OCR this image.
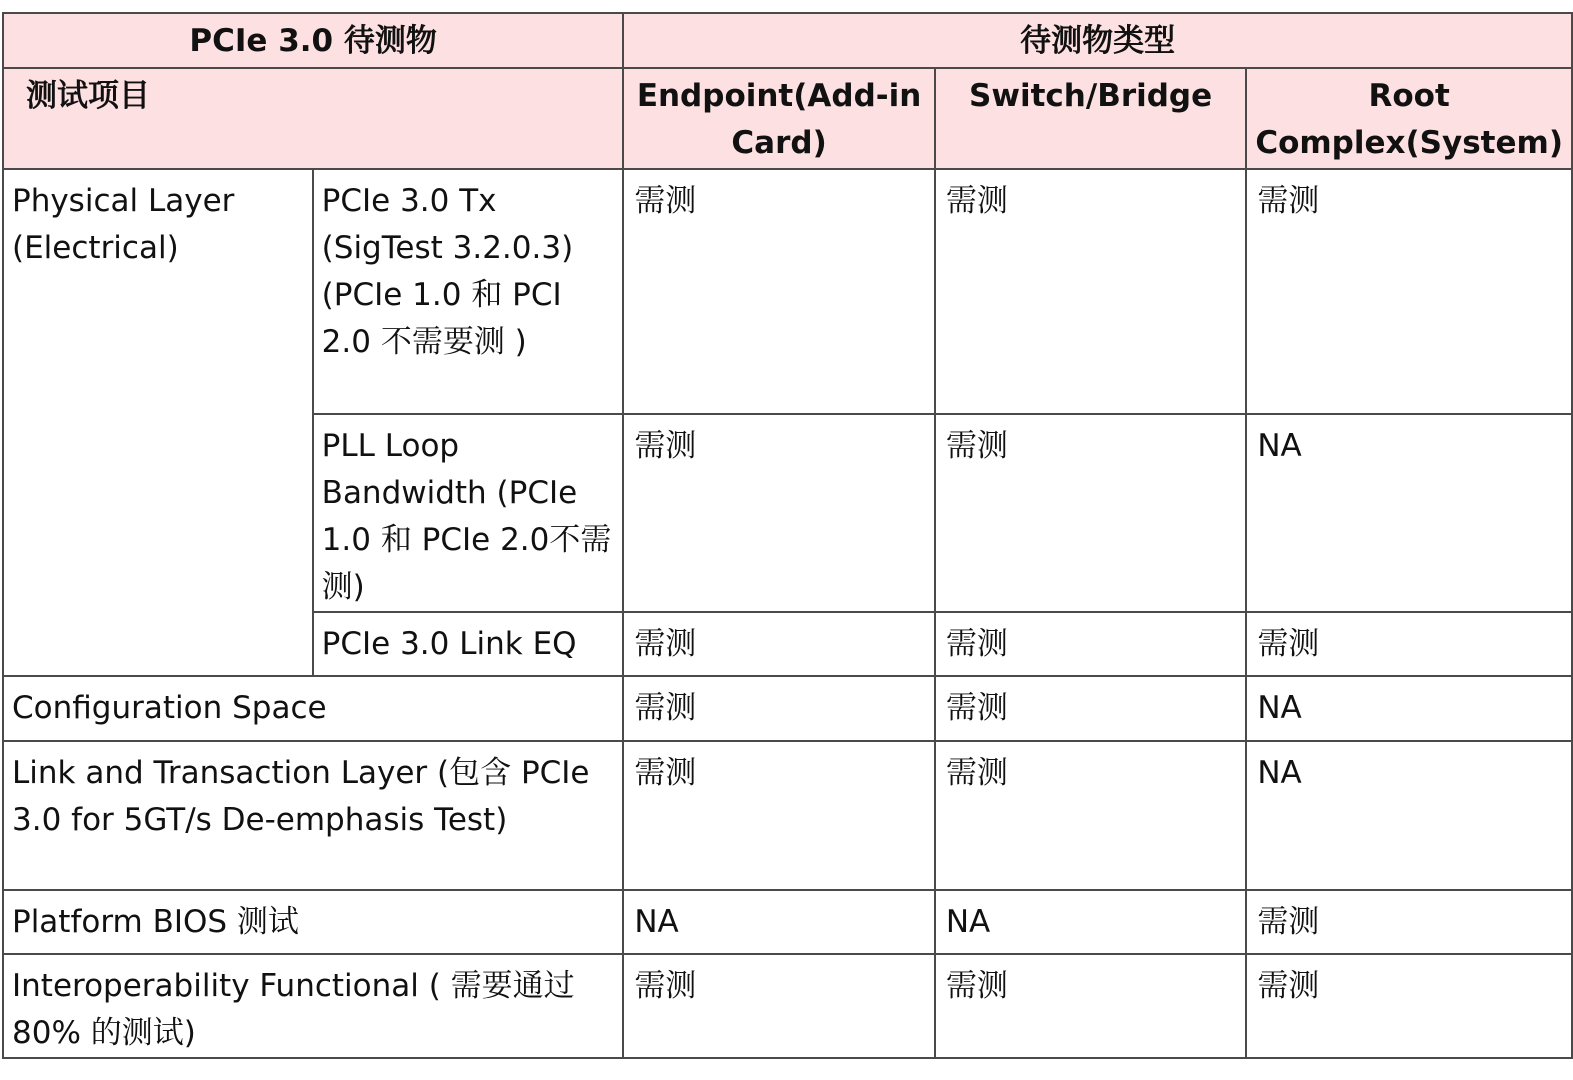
PCIe 3.0 待测物		待测物类型		
测试项目		Endpoint(Add-in Card)	Switch/Bridge	Root Complex(System)
Physical Layer (Electrical)	PCIe 3.0 Tx (SigTest 3.2.0.3)(PCIe 1.0 和 PCI 2.0 不需要测 )	需测	需测	需测
	PLL Loop Bandwidth (PCIe 1.0 和 PCIe 2.0不需测)	需测	需测	NA
	PCIe 3.0 Link EQ	需测	需测	需测
Configuration Space		需测	需测	NA
Link and Transaction Layer (包含 PCIe 3.0 for 5GT/s De-emphasis Test)		需测	需测	NA
Platform BIOS 测试		NA	NA	需测
Interoperability Functional ( 需要通过 80% 的测试)		需测	需测	需测
